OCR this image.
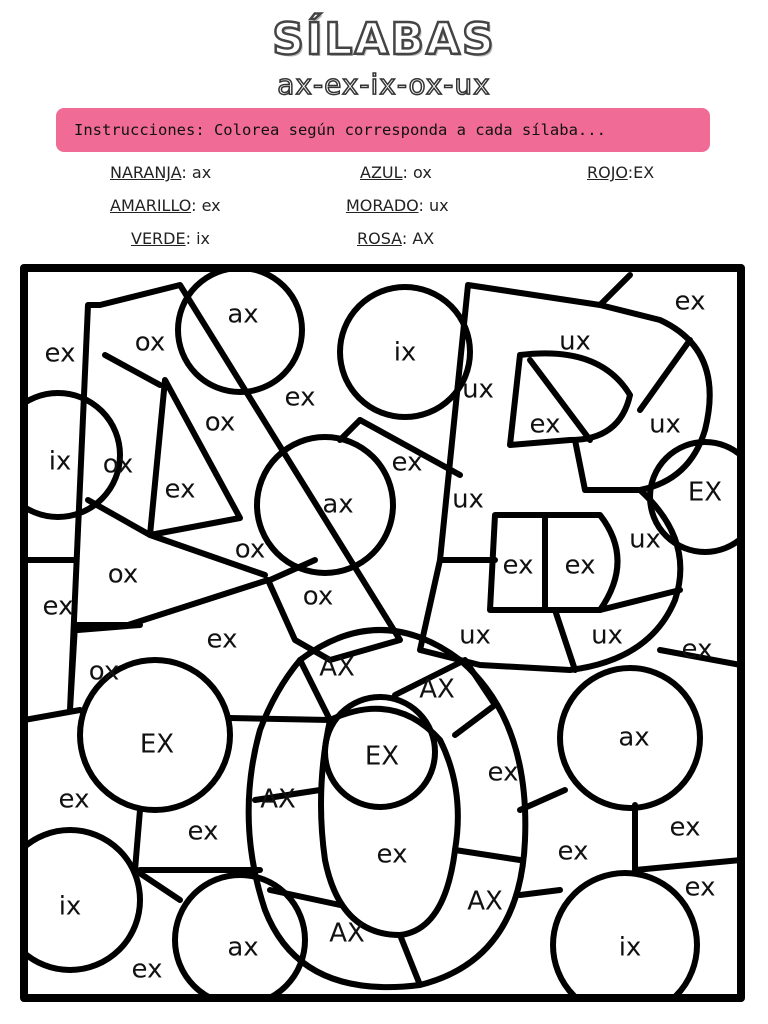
SÍLABAS
ax-ex-ix-ox-ux
Instrucciones: Colorea según corresponda a cada sílaba...
NARANJA: ax	AZUL: ox	ROJO:EX
AMARILLO: ex	MORADO: ux
VERDE: ix	ROSA: AX
ex ox
ax
ix	ux
ex
ix ox
ox
ex
ex
ex
ux
ex	ux
ax
ox
EX
ux
ox
ex
ex ex
ux
ox
ex	ux	ex
AX
AX
ux
ox
EX	EX
ax
ex
AX
ex
ex	ex
ex	ex
ix
ax
AX
AX	ix
ex
ex
